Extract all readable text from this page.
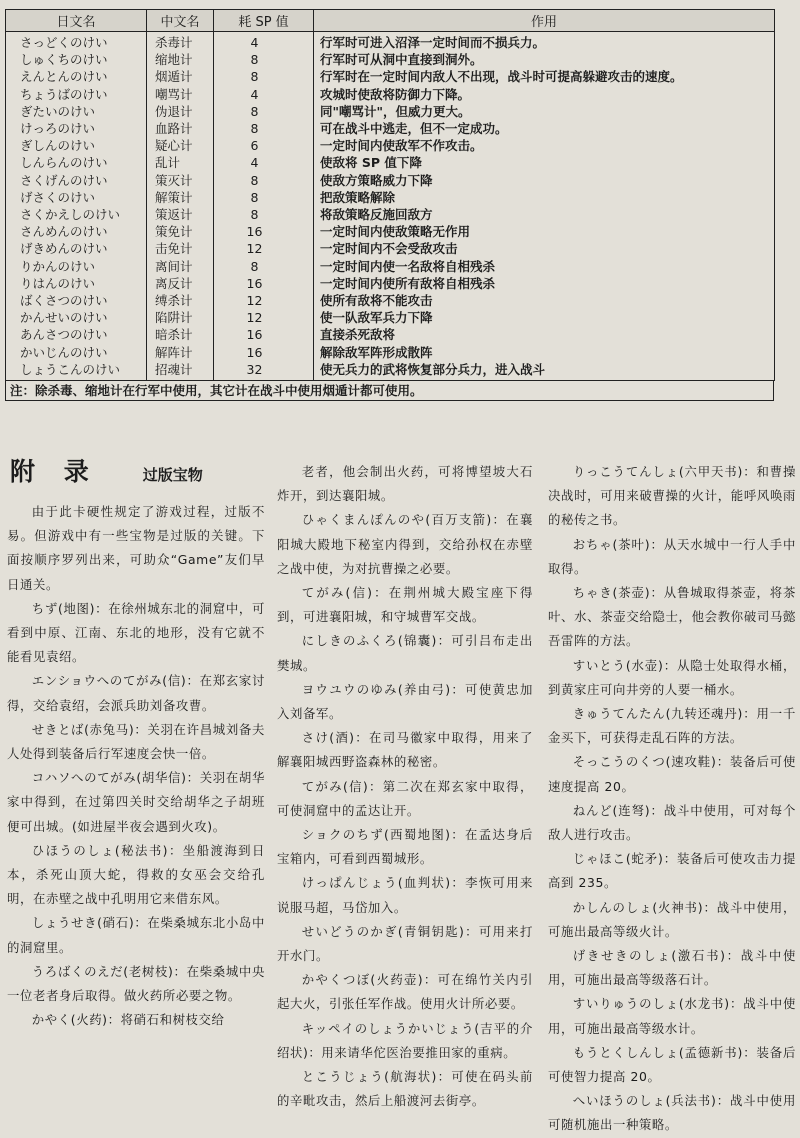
日文名	中文名	耗 SP 值	作用
さっどくのけい	杀毒计	4	行军时可进入沼泽一定时间而不损兵力。
しゅくちのけい	缩地计	8	行军时可从洞中直接到洞外。
えんとんのけい	烟遁计	8	行军时在一定时间内敌人不出现，战斗时可提高躲避攻击的速度。
ちょうばのけい	嘲骂计	4	攻城时使敌将防御力下降。
ぎたいのけい	伪退计	8	同"嘲骂计"，但威力更大。
けっろのけい	血路计	8	可在战斗中逃走，但不一定成功。
ぎしんのけい	疑心计	6	一定时间内使敌军不作攻击。
しんらんのけい	乱计	4	使敌将 SP 值下降
さくげんのけい	策灭计	8	使敌方策略威力下降
げさくのけい	解策计	8	把敌策略解除
さくかえしのけい	策返计	8	将敌策略反施回敌方
さんめんのけい	策免计	16	一定时间内使敌策略无作用
げきめんのけい	击免计	12	一定时间内不会受敌攻击
りかんのけい	离间计	8	一定时间内使一名敌将自相残杀
りはんのけい	离反计	16	一定时间内使所有敌将自相残杀
ばくさつのけい	缚杀计	12	使所有敌将不能攻击
かんせいのけい	陷阱计	12	使一队敌军兵力下降
あんさつのけい	暗杀计	16	直接杀死敌将
かいじんのけい	解阵计	16	解除敌军阵形成散阵
しょうこんのけい	招魂计	32	使无兵力的武将恢复部分兵力，进入战斗
注：除杀毒、缩地计在行军中使用，其它计在战斗中使用烟遁计都可使用。
附 录	过版宝物

由于此卡硬性规定了游戏过程，过版不易。但游戏中有一些宝物是过版的关键。下面按顺序罗列出来，可助众“Game”友们早日通关。

ちず(地图)：在徐州城东北的洞窟中，可看到中原、江南、东北的地形，没有它就不能看见袁绍。

エンショウへのてがみ(信)：在郑玄家讨得，交给袁绍，会派兵助刘备攻曹。

せきとば(赤兔马)：关羽在许昌城刘备夫人处得到装备后行军速度会快一倍。

コハソへのてがみ(胡华信)：关羽在胡华家中得到，在过第四关时交给胡华之子胡班便可出城。(如进屋半夜会遇到火攻)。

ひほうのしょ(秘法书)：坐船渡海到日本，杀死山顶大蛇，得救的女巫会交给孔明，在赤壁之战中孔明用它来借东风。

しょうせき(硝石)：在柴桑城东北小岛中的洞窟里。

うろばくのえだ(老树枝)：在柴桑城中央一位老者身后取得。做火药所必要之物。

かやく(火药)：将硝石和树枝交给

老者，他会制出火药，可将博望坡大石炸开，到达襄阳城。

ひゃくまんぽんのや(百万支箭)：在襄阳城大殿地下秘室内得到，交给孙权在赤壁之战中使，为对抗曹操之必要。

てがみ(信)：在荆州城大殿宝座下得到，可进襄阳城，和守城曹军交战。

にしきのふくろ(锦囊)：可引吕布走出樊城。

ヨウユウのゆみ(养由弓)：可使黄忠加入刘备军。

さけ(酒)：在司马徽家中取得，用来了解襄阳城西野盗森林的秘密。

てがみ(信)：第二次在郑玄家中取得，可使洞窟中的孟达让开。

ショクのちず(西蜀地图)：在孟达身后宝箱内，可看到西蜀城形。

けっぱんじょう(血判状)：李恢可用来说服马超，马岱加入。

せいどうのかぎ(青铜钥匙)：可用来打开水门。

かやくつぼ(火药壶)：可在绵竹关内引起大火，引张任军作战。使用火计所必要。

キッペイのしょうかいじょう(吉平的介绍状)：用来请华佗医治要推田家的重病。

とこうじょう(航海状)：可使在码头前的辛毗攻击，然后上船渡河去街亭。

りっこうてんしょ(六甲天书)：和曹操决战时，可用来破曹操的火计，能呼风唤雨的秘传之书。

おちゃ(茶叶)：从天水城中一行人手中取得。

ちゃき(茶壶)：从鲁城取得茶壶，将茶叶、水、茶壶交给隐士，他会教你破司马懿吾雷阵的方法。

すいとう(水壶)：从隐士处取得水桶，到黄家庄可向井旁的人要一桶水。

きゅうてんたん(九转还魂丹)：用一千金买下，可获得走乱石阵的方法。

そっこうのくつ(速攻鞋)：装备后可使速度提高 20。

ねんど(连弩)：战斗中使用，可对每个敌人进行攻击。

じゃほこ(蛇矛)：装备后可使攻击力提高到 235。

かしんのしょ(火神书)：战斗中使用，可施出最高等级火计。

げきせきのしょ(激石书)：战斗中使用，可施出最高等级落石计。

すいりゅうのしょ(水龙书)：战斗中使用，可施出最高等级水计。

もうとくしんしょ(孟德新书)：装备后可使智力提高 20。

へいほうのしょ(兵法书)：战斗中使用可随机施出一种策略。
